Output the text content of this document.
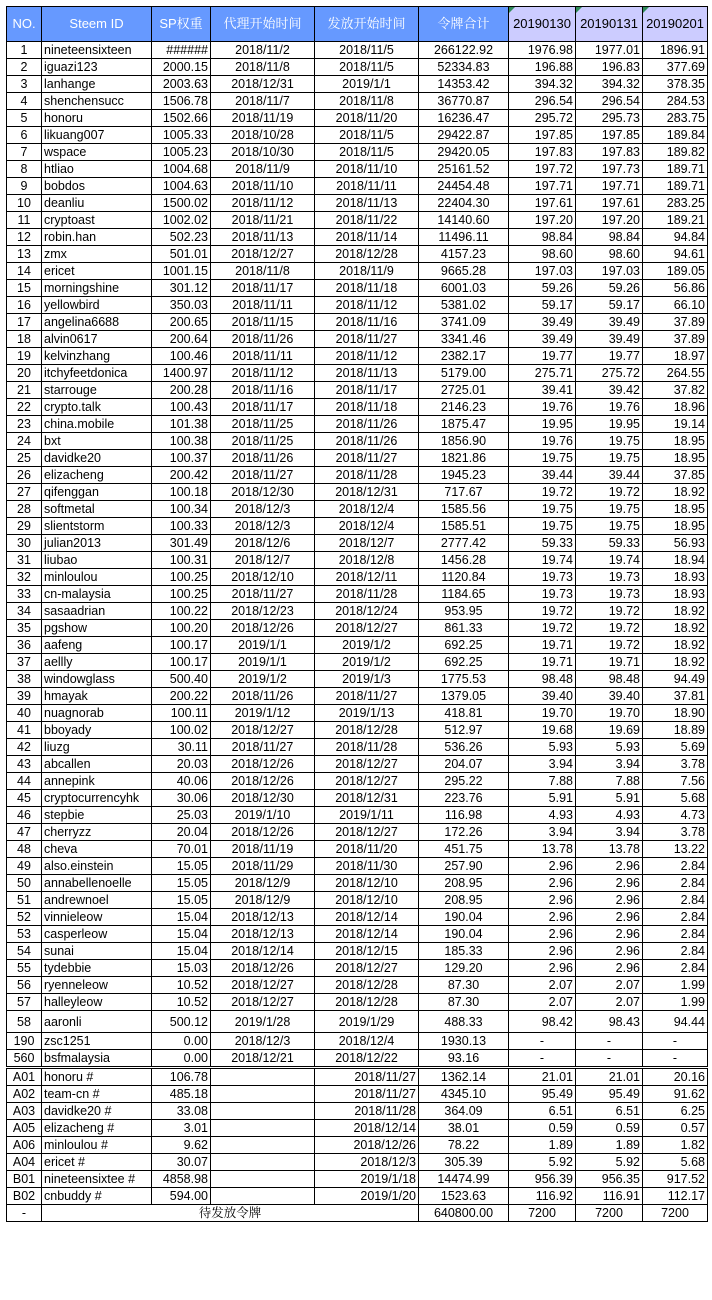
NO.	Steem ID	SP权重	代理开始时间	发放开始时间	令牌合计	20190130	20190131	20190201
1	nineteensixteen	######	2018/11/2	2018/11/5	266122.92	1976.98	1977.01	1896.91
2	iguazi123	2000.15	2018/11/8	2018/11/5	52334.83	196.88	196.83	377.69
3	lanhange	2003.63	2018/12/31	2019/1/1	14353.42	394.32	394.32	378.35
4	shenchensucc	1506.78	2018/11/7	2018/11/8	36770.87	296.54	296.54	284.53
5	honoru	1502.66	2018/11/19	2018/11/20	16236.47	295.72	295.73	283.75
6	likuang007	1005.33	2018/10/28	2018/11/5	29422.87	197.85	197.85	189.84
7	wspace	1005.23	2018/10/30	2018/11/5	29420.05	197.83	197.83	189.82
8	htliao	1004.68	2018/11/9	2018/11/10	25161.52	197.72	197.73	189.71
9	bobdos	1004.63	2018/11/10	2018/11/11	24454.48	197.71	197.71	189.71
10	deanliu	1500.02	2018/11/12	2018/11/13	22404.30	197.61	197.61	283.25
11	cryptoast	1002.02	2018/11/21	2018/11/22	14140.60	197.20	197.20	189.21
12	robin.han	502.23	2018/11/13	2018/11/14	11496.11	98.84	98.84	94.84
13	zmx	501.01	2018/12/27	2018/12/28	4157.23	98.60	98.60	94.61
14	ericet	1001.15	2018/11/8	2018/11/9	9665.28	197.03	197.03	189.05
15	morningshine	301.12	2018/11/17	2018/11/18	6001.03	59.26	59.26	56.86
16	yellowbird	350.03	2018/11/11	2018/11/12	5381.02	59.17	59.17	66.10
17	angelina6688	200.65	2018/11/15	2018/11/16	3741.09	39.49	39.49	37.89
18	alvin0617	200.64	2018/11/26	2018/11/27	3341.46	39.49	39.49	37.89
19	kelvinzhang	100.46	2018/11/11	2018/11/12	2382.17	19.77	19.77	18.97
20	itchyfeetdonica	1400.97	2018/11/12	2018/11/13	5179.00	275.71	275.72	264.55
21	starrouge	200.28	2018/11/16	2018/11/17	2725.01	39.41	39.42	37.82
22	crypto.talk	100.43	2018/11/17	2018/11/18	2146.23	19.76	19.76	18.96
23	china.mobile	101.38	2018/11/25	2018/11/26	1875.47	19.95	19.95	19.14
24	bxt	100.38	2018/11/25	2018/11/26	1856.90	19.76	19.75	18.95
25	davidke20	100.37	2018/11/26	2018/11/27	1821.86	19.75	19.75	18.95
26	elizacheng	200.42	2018/11/27	2018/11/28	1945.23	39.44	39.44	37.85
27	qifenggan	100.18	2018/12/30	2018/12/31	717.67	19.72	19.72	18.92
28	softmetal	100.34	2018/12/3	2018/12/4	1585.56	19.75	19.75	18.95
29	slientstorm	100.33	2018/12/3	2018/12/4	1585.51	19.75	19.75	18.95
30	julian2013	301.49	2018/12/6	2018/12/7	2777.42	59.33	59.33	56.93
31	liubao	100.31	2018/12/7	2018/12/8	1456.28	19.74	19.74	18.94
32	minloulou	100.25	2018/12/10	2018/12/11	1120.84	19.73	19.73	18.93
33	cn-malaysia	100.25	2018/11/27	2018/11/28	1184.65	19.73	19.73	18.93
34	sasaadrian	100.22	2018/12/23	2018/12/24	953.95	19.72	19.72	18.92
35	pgshow	100.20	2018/12/26	2018/12/27	861.33	19.72	19.72	18.92
36	aafeng	100.17	2019/1/1	2019/1/2	692.25	19.71	19.72	18.92
37	aellly	100.17	2019/1/1	2019/1/2	692.25	19.71	19.71	18.92
38	windowglass	500.40	2019/1/2	2019/1/3	1775.53	98.48	98.48	94.49
39	hmayak	200.22	2018/11/26	2018/11/27	1379.05	39.40	39.40	37.81
40	nuagnorab	100.11	2019/1/12	2019/1/13	418.81	19.70	19.70	18.90
41	bboyady	100.02	2018/12/27	2018/12/28	512.97	19.68	19.69	18.89
42	liuzg	30.11	2018/11/27	2018/11/28	536.26	5.93	5.93	5.69
43	abcallen	20.03	2018/12/26	2018/12/27	204.07	3.94	3.94	3.78
44	annepink	40.06	2018/12/26	2018/12/27	295.22	7.88	7.88	7.56
45	cryptocurrencyhk	30.06	2018/12/30	2018/12/31	223.76	5.91	5.91	5.68
46	stepbie	25.03	2019/1/10	2019/1/11	116.98	4.93	4.93	4.73
47	cherryzz	20.04	2018/12/26	2018/12/27	172.26	3.94	3.94	3.78
48	cheva	70.01	2018/11/19	2018/11/20	451.75	13.78	13.78	13.22
49	also.einstein	15.05	2018/11/29	2018/11/30	257.90	2.96	2.96	2.84
50	annabellenoelle	15.05	2018/12/9	2018/12/10	208.95	2.96	2.96	2.84
51	andrewnoel	15.05	2018/12/9	2018/12/10	208.95	2.96	2.96	2.84
52	vinnieleow	15.04	2018/12/13	2018/12/14	190.04	2.96	2.96	2.84
53	casperleow	15.04	2018/12/13	2018/12/14	190.04	2.96	2.96	2.84
54	sunai	15.04	2018/12/14	2018/12/15	185.33	2.96	2.96	2.84
55	tydebbie	15.03	2018/12/26	2018/12/27	129.20	2.96	2.96	2.84
56	ryenneleow	10.52	2018/12/27	2018/12/28	87.30	2.07	2.07	1.99
57	halleyleow	10.52	2018/12/27	2018/12/28	87.30	2.07	2.07	1.99
58	aaronli	500.12	2019/1/28	2019/1/29	488.33	98.42	98.43	94.44
190	zsc1251	0.00	2018/12/3	2018/12/4	1930.13	-	-	-
560	bsfmalaysia	0.00	2018/12/21	2018/12/22	93.16	-	-	-
A01	honoru #	106.78		2018/11/27	1362.14	21.01	21.01	20.16
A02	team-cn #	485.18		2018/11/27	4345.10	95.49	95.49	91.62
A03	davidke20 #	33.08		2018/11/28	364.09	6.51	6.51	6.25
A05	elizacheng #	3.01		2018/12/14	38.01	0.59	0.59	0.57
A06	minloulou #	9.62		2018/12/26	78.22	1.89	1.89	1.82
A04	ericet #	30.07		2018/12/3	305.39	5.92	5.92	5.68
B01	nineteensixtee #	4858.98		2019/1/18	14474.99	956.39	956.35	917.52
B02	cnbuddy #	594.00		2019/1/20	1523.63	116.92	116.91	112.17
-	待发放令牌				640800.00	7200	7200	7200
